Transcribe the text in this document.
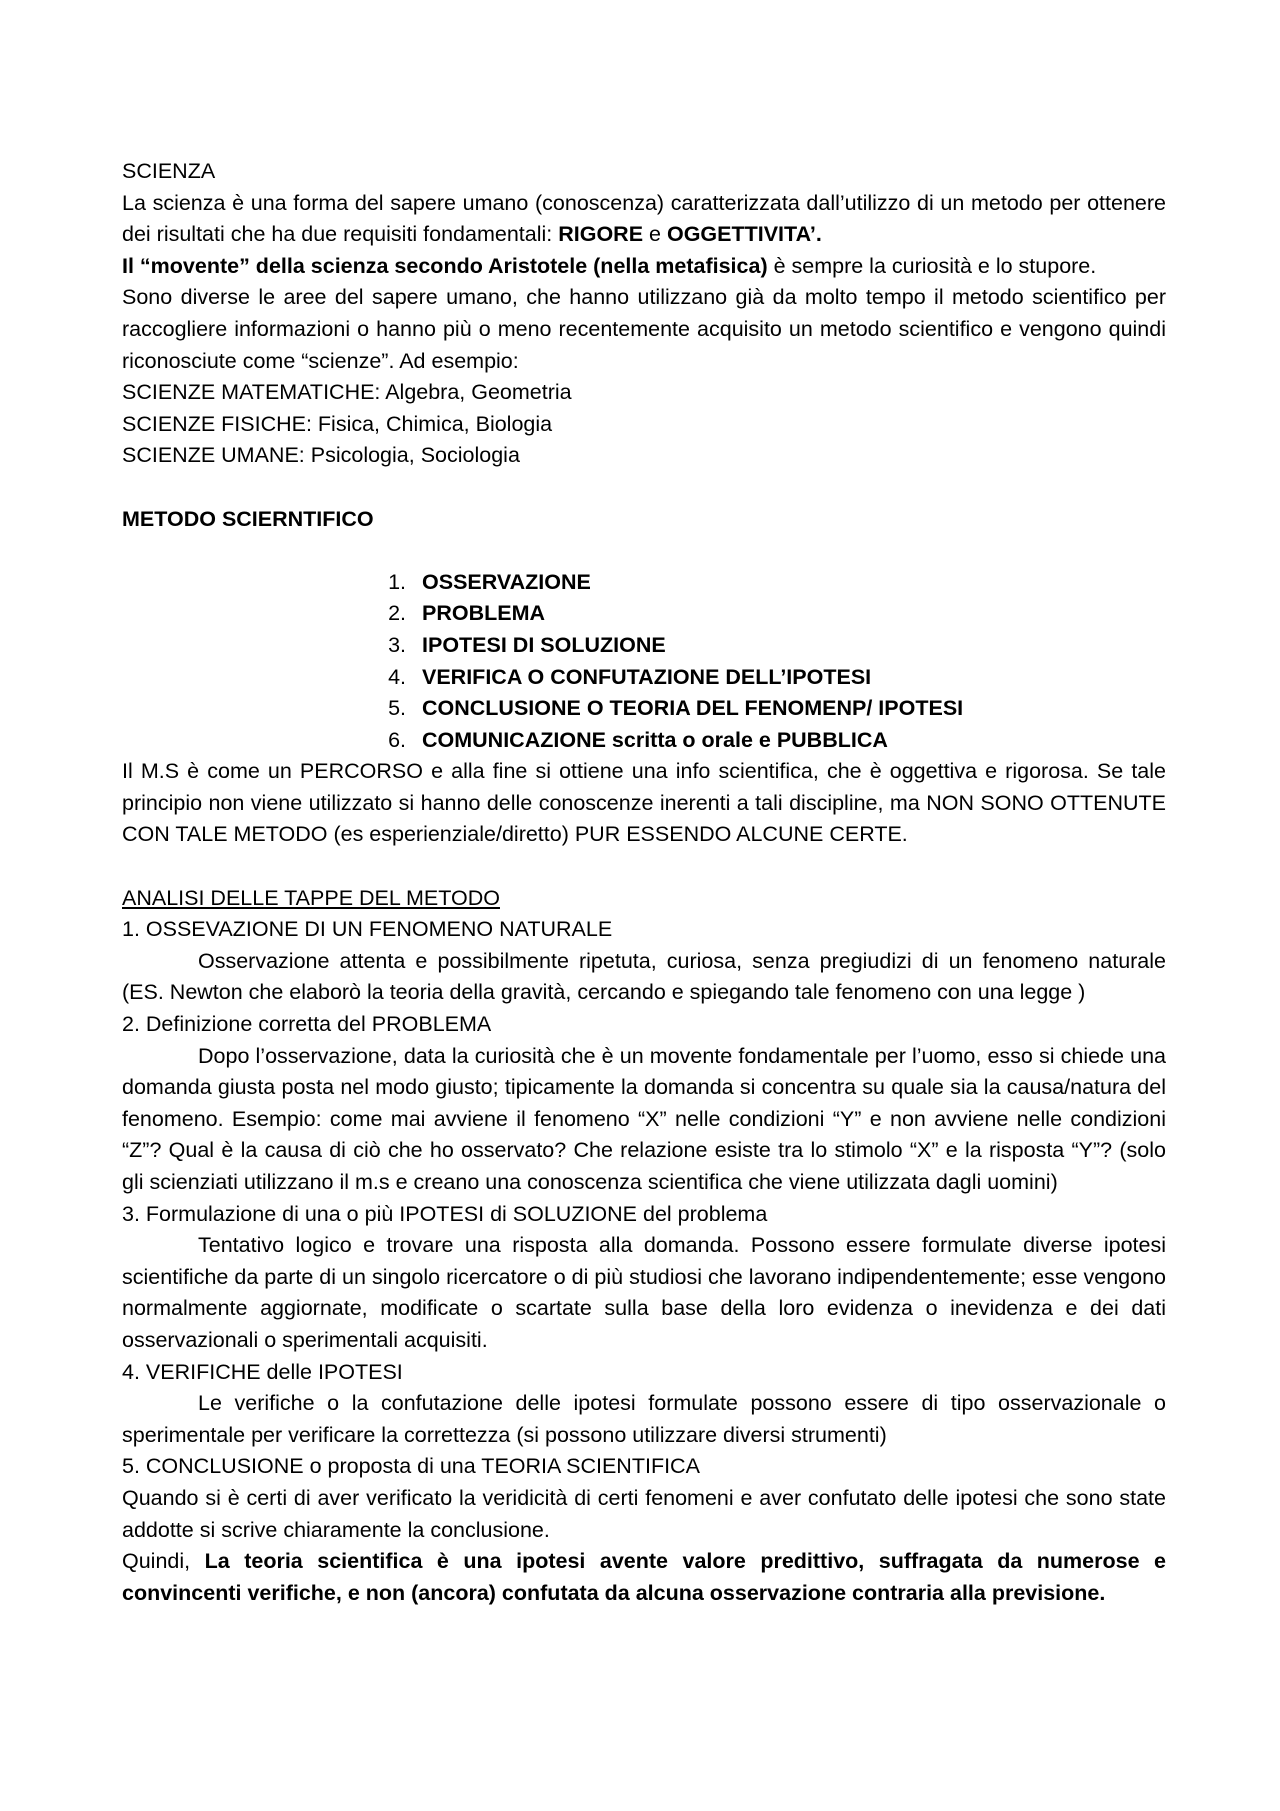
SCIENZA

La scienza è una forma del sapere umano (conoscenza) caratterizzata dall’utilizzo di un metodo per ottenere dei risultati che ha due requisiti fondamentali: RIGORE e OGGETTIVITA’.

Il “movente” della scienza secondo Aristotele (nella metafisica) è sempre la curiosità e lo stupore.

Sono diverse le aree del sapere umano, che hanno utilizzano già da molto tempo il metodo scientifico per raccogliere informazioni o hanno più o meno recentemente acquisito un metodo scientifico e vengono quindi riconosciute come “scienze”. Ad esempio:

SCIENZE MATEMATICHE: Algebra, Geometria

SCIENZE FISICHE: Fisica, Chimica, Biologia

SCIENZE UMANE: Psicologia, Sociologia

METODO SCIERNTIFICO

1. OSSERVAZIONE
2. PROBLEMA
3. IPOTESI DI SOLUZIONE
4. VERIFICA O CONFUTAZIONE DELL’IPOTESI
5. CONCLUSIONE O TEORIA DEL FENOMENP/ IPOTESI
6. COMUNICAZIONE scritta o orale e PUBBLICA

Il M.S è come un PERCORSO e alla fine si ottiene una info scientifica, che è oggettiva e rigorosa. Se tale principio non viene utilizzato si hanno delle conoscenze inerenti a tali discipline, ma NON SONO OTTENUTE CON TALE METODO (es esperienziale/diretto) PUR ESSENDO ALCUNE CERTE.

ANALISI DELLE TAPPE DEL METODO

1. OSSEVAZIONE DI UN FENOMENO NATURALE

Osservazione attenta e possibilmente ripetuta, curiosa, senza pregiudizi di un fenomeno naturale (ES. Newton che elaborò la teoria della gravità, cercando e spiegando tale fenomeno con una legge )

2. Definizione corretta del PROBLEMA

Dopo l’osservazione, data la curiosità che è un movente fondamentale per l’uomo, esso si chiede una domanda giusta posta nel modo giusto; tipicamente la domanda si concentra su quale sia la causa/natura del fenomeno. Esempio: come mai avviene il fenomeno “X” nelle condizioni “Y” e non avviene nelle condizioni “Z”? Qual è la causa di ciò che ho osservato? Che relazione esiste tra lo stimolo “X” e la risposta “Y”? (solo gli scienziati utilizzano il m.s e creano una conoscenza scientifica che viene utilizzata dagli uomini)

3. Formulazione di una o più IPOTESI di SOLUZIONE del problema

Tentativo logico e trovare una risposta alla domanda. Possono essere formulate diverse ipotesi scientifiche da parte di un singolo ricercatore o di più studiosi che lavorano indipendentemente; esse vengono normalmente aggiornate, modificate o scartate sulla base della loro evidenza o inevidenza e dei dati osservazionali o sperimentali acquisiti.

4. VERIFICHE delle IPOTESI

Le verifiche o la confutazione delle ipotesi formulate possono essere di tipo osservazionale o sperimentale per verificare la correttezza (si possono utilizzare diversi strumenti)

5. CONCLUSIONE o proposta di una TEORIA SCIENTIFICA

Quando si è certi di aver verificato la veridicità di certi fenomeni e aver confutato delle ipotesi che sono state addotte si scrive chiaramente la conclusione.

Quindi, La teoria scientifica è una ipotesi avente valore predittivo, suffragata da numerose e convincenti verifiche, e non (ancora) confutata da alcuna osservazione contraria alla previsione.
